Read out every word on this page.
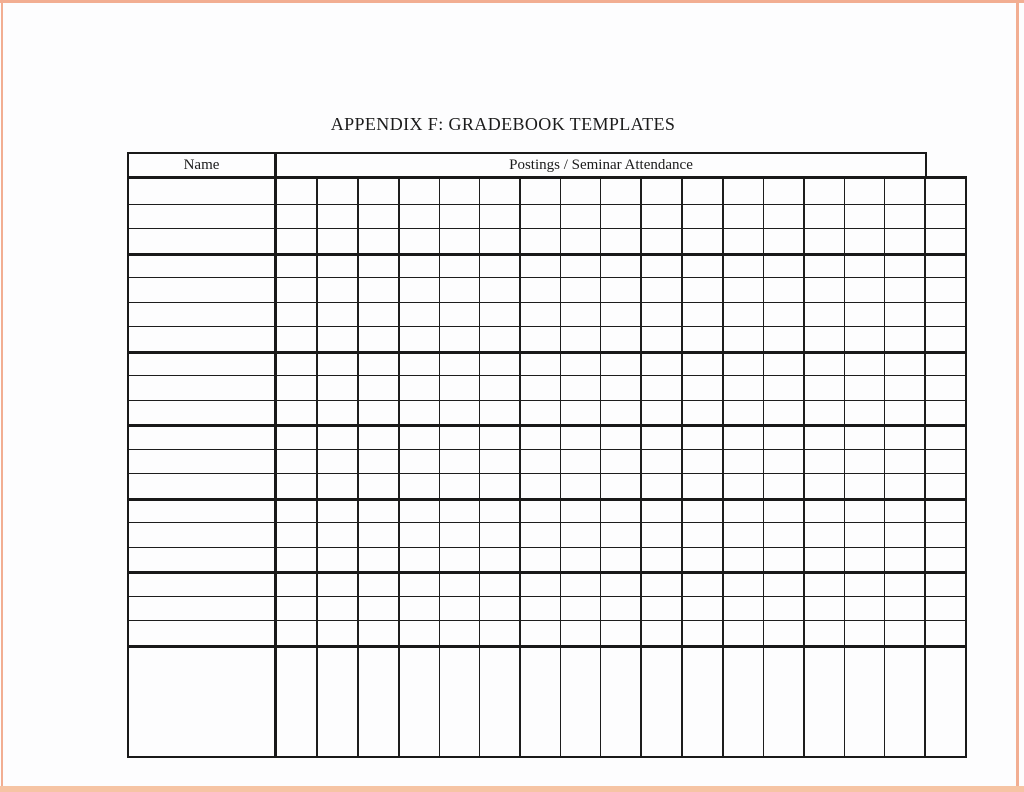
APPENDIX F: GRADEBOOK TEMPLATES
Name	Postings / Seminar Attendance
